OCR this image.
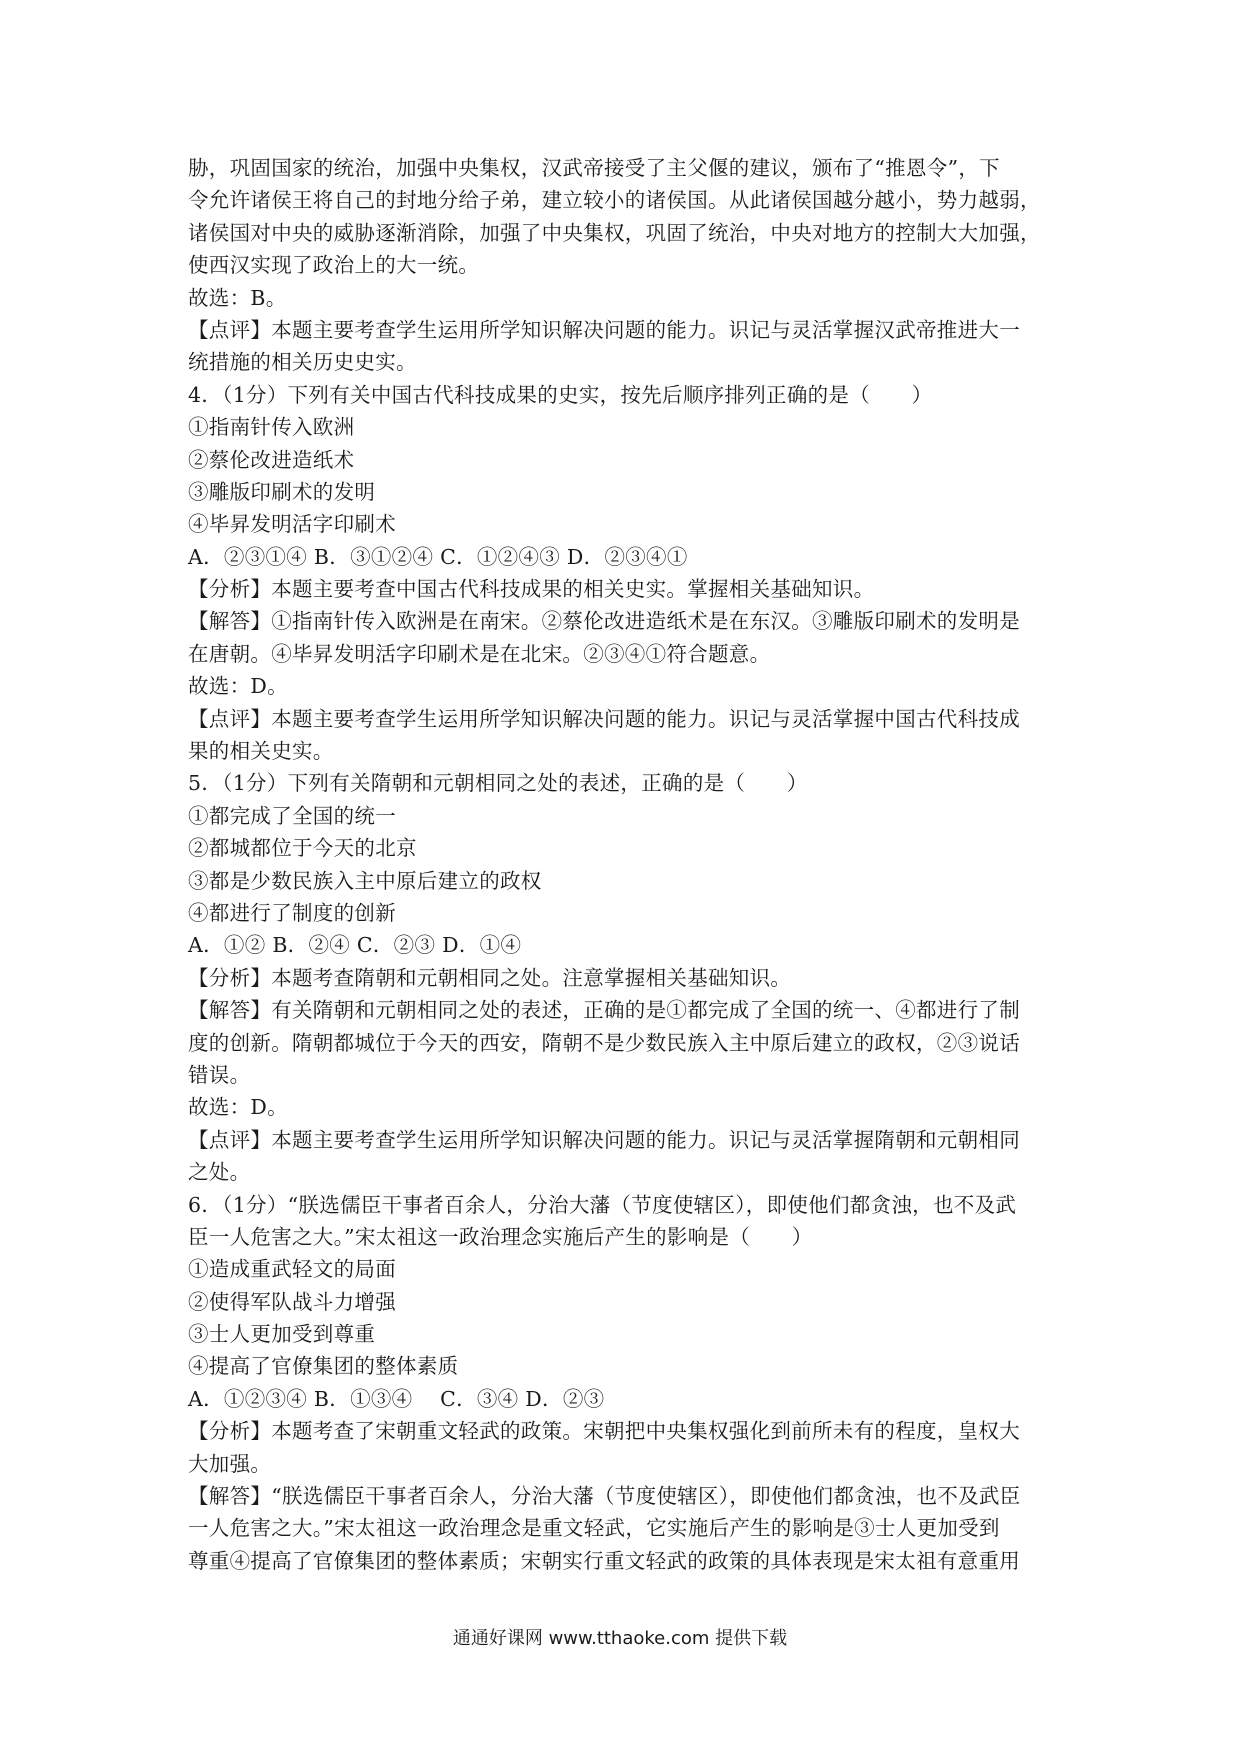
胁，巩固国家的统治，加强中央集权，汉武帝接受了主父偃的建议，颁布了“推恩令”，下
令允许诸侯王将自己的封地分给子弟，建立较小的诸侯国。从此诸侯国越分越小，势力越弱，
诸侯国对中央的威胁逐渐消除，加强了中央集权，巩固了统治，中央对地方的控制大大加强，
使西汉实现了政治上的大一统。
故选：B。
【点评】本题主要考查学生运用所学知识解决问题的能力。识记与灵活掌握汉武帝推进大一
统措施的相关历史史实。
4．（1分）下列有关中国古代科技成果的史实，按先后顺序排列正确的是（　　）
①指南针传入欧洲
②蔡伦改进造纸术
③雕版印刷术的发明
④毕昇发明活字印刷术
A．②③①④ B．③①②④ C．①②④③ D．②③④①
【分析】本题主要考查中国古代科技成果的相关史实。掌握相关基础知识。
【解答】①指南针传入欧洲是在南宋。②蔡伦改进造纸术是在东汉。③雕版印刷术的发明是
在唐朝。④毕昇发明活字印刷术是在北宋。②③④①符合题意。
故选：D。
【点评】本题主要考查学生运用所学知识解决问题的能力。识记与灵活掌握中国古代科技成
果的相关史实。
5．（1分）下列有关隋朝和元朝相同之处的表述，正确的是（　　）
①都完成了全国的统一
②都城都位于今天的北京
③都是少数民族入主中原后建立的政权
④都进行了制度的创新
A．①② B．②④ C．②③ D．①④
【分析】本题考查隋朝和元朝相同之处。注意掌握相关基础知识。
【解答】有关隋朝和元朝相同之处的表述，正确的是①都完成了全国的统一、④都进行了制
度的创新。隋朝都城位于今天的西安，隋朝不是少数民族入主中原后建立的政权，②③说话
错误。
故选：D。
【点评】本题主要考查学生运用所学知识解决问题的能力。识记与灵活掌握隋朝和元朝相同
之处。
6．（1分）“朕选儒臣干事者百余人，分治大藩（节度使辖区），即使他们都贪浊，也不及武
臣一人危害之大。”宋太祖这一政治理念实施后产生的影响是（　　）
①造成重武轻文的局面
②使得军队战斗力增强
③士人更加受到尊重
④提高了官僚集团的整体素质
A．①②③④ B．①③④　 C．③④ D．②③
【分析】本题考查了宋朝重文轻武的政策。宋朝把中央集权强化到前所未有的程度，皇权大
大加强。
【解答】“朕选儒臣干事者百余人，分治大藩（节度使辖区），即使他们都贪浊，也不及武臣
一人危害之大。”宋太祖这一政治理念是重文轻武，它实施后产生的影响是③士人更加受到
尊重④提高了官僚集团的整体素质；宋朝实行重文轻武的政策的具体表现是宋太祖有意重用
通通好课网 www.tthaoke.com 提供下载
